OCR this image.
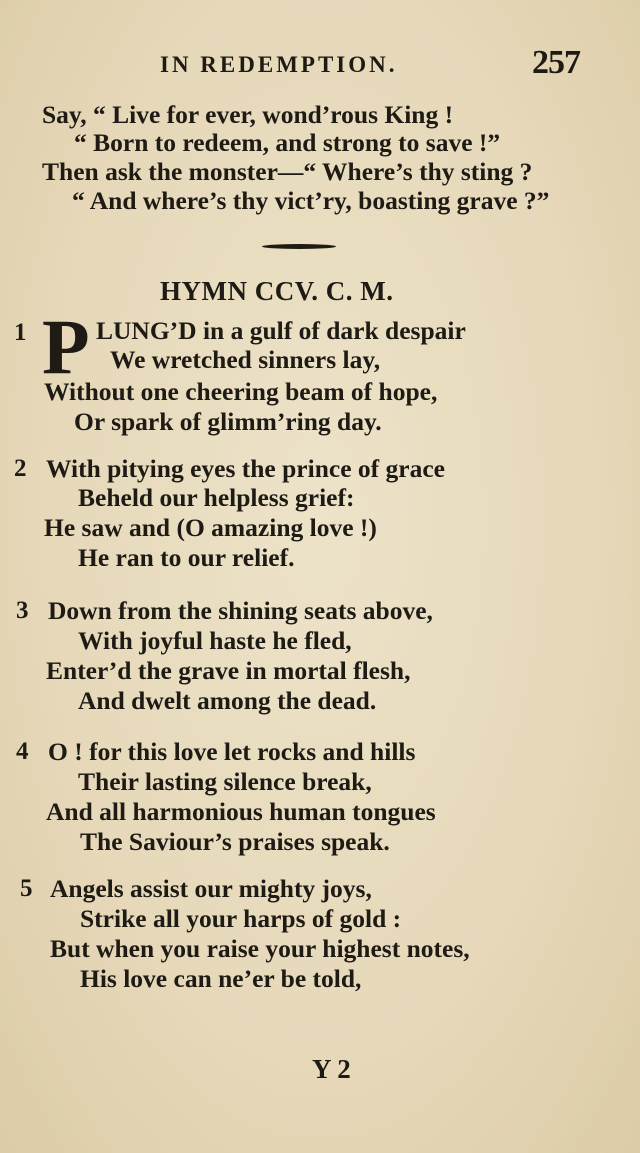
IN REDEMPTION.	257
Say, “ Live for ever, wond’rous King !
“ Born to redeem, and strong to save !”
Then ask the monster—“ Where’s thy sting ?
“ And where’s thy vict’ry, boasting grave ?”
HYMN CCV. C. M.
1 P LUNG’D in a gulf of dark despair
We wretched sinners lay,
Without one cheering beam of hope,
Or spark of glimm’ring day.
2 With pitying eyes the prince of grace
Beheld our helpless grief:
He saw and (O amazing love !)
He ran to our relief.
3 Down from the shining seats above,
With joyful haste he fled,
Enter’d the grave in mortal flesh,
And dwelt among the dead.
4 O ! for this love let rocks and hills
Their lasting silence break,
And all harmonious human tongues
The Saviour’s praises speak.
5 Angels assist our mighty joys,
Strike all your harps of gold :
But when you raise your highest notes,
His love can ne’er be told,
Y 2
